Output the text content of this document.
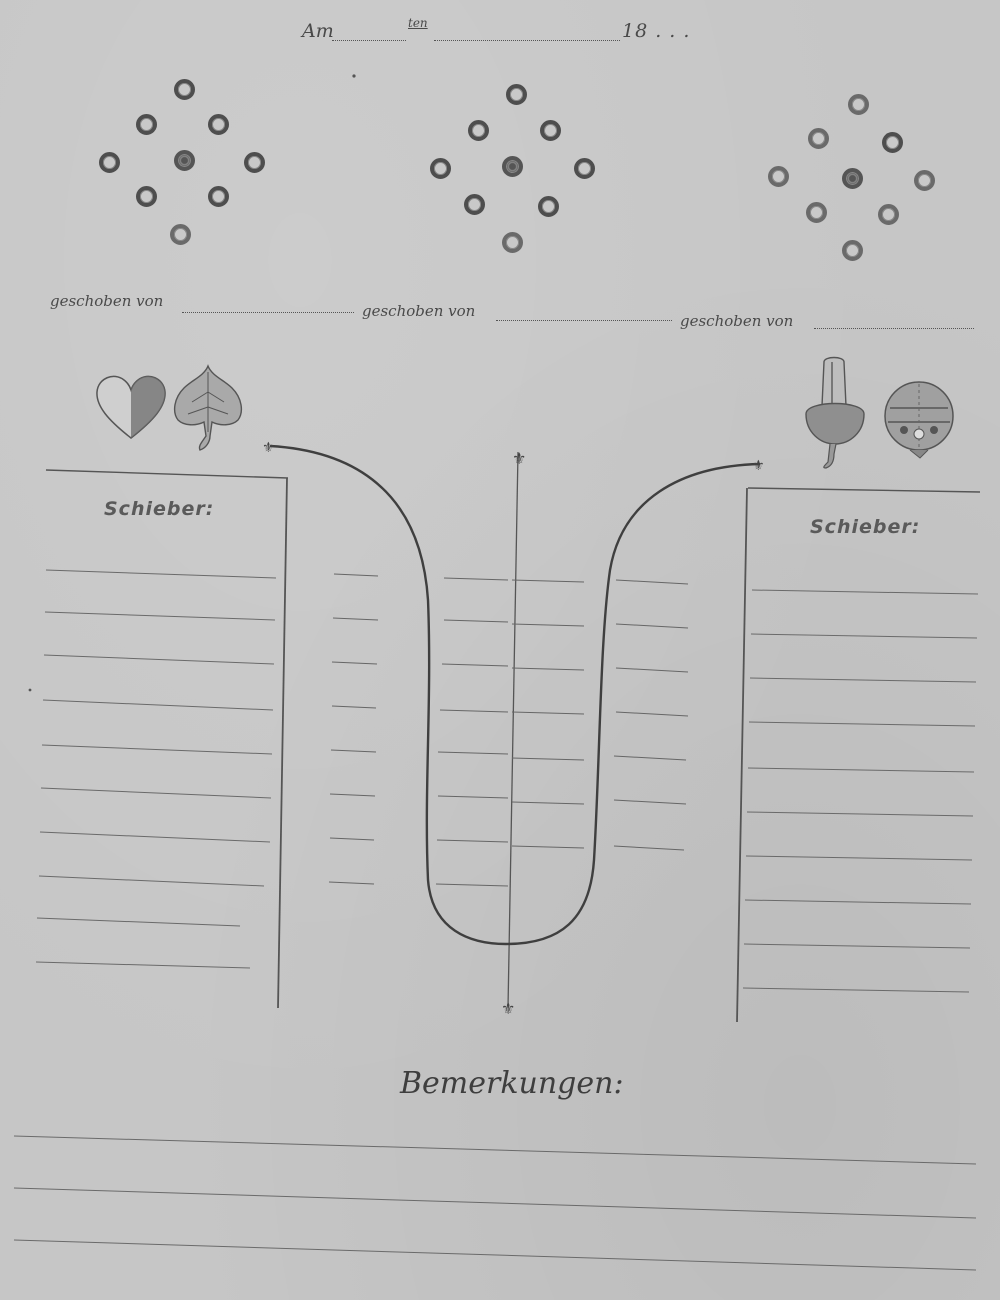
Am	ten	18 . . .
geschoben von
geschoben von
geschoben von
Schieber:
Schieber:
⚜
⚜
⚜
⚜
Bemerkungen:
